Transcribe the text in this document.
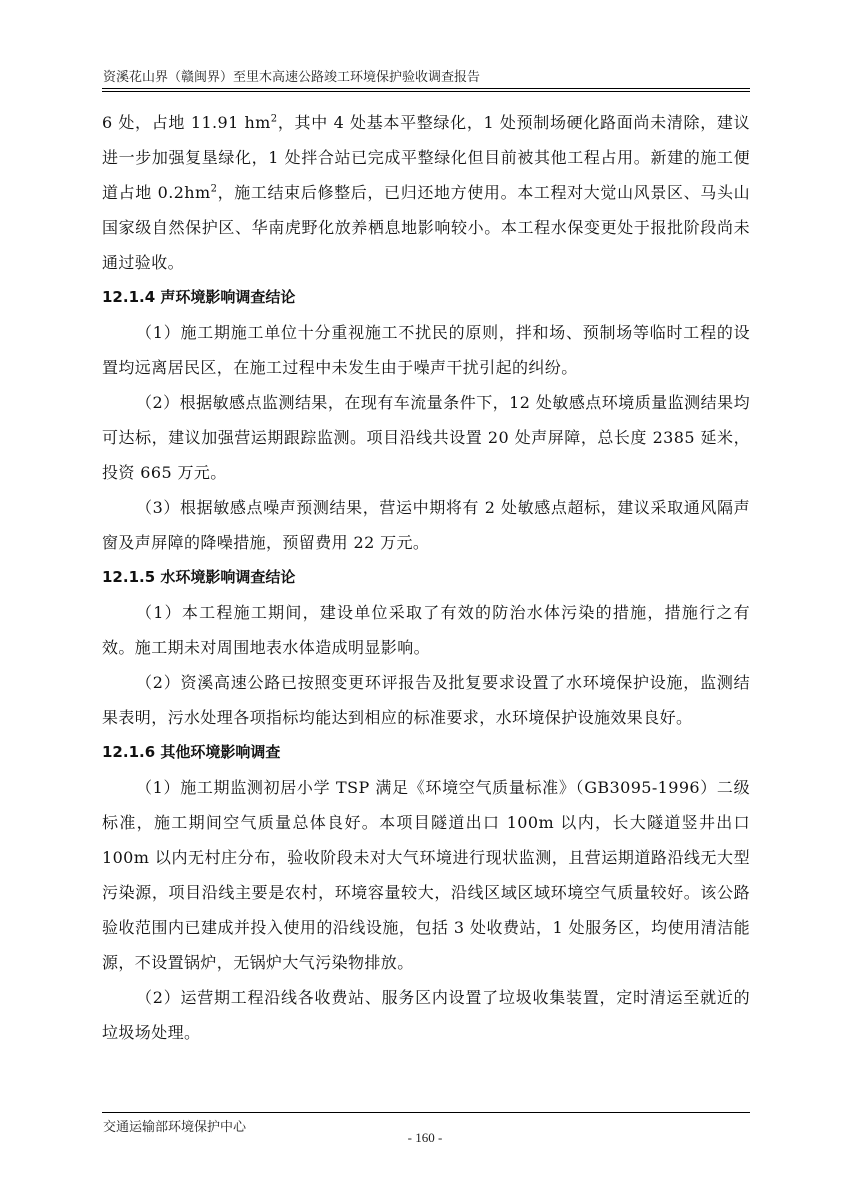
资溪花山界（赣闽界）至里木高速公路竣工环境保护验收调查报告

6 处，占地 11.91 $hm^2$，其中 4 处基本平整绿化，1 处预制场硬化路面尚未清除，建议进一步加强复垦绿化，1 处拌合站已完成平整绿化但目前被其他工程占用。新建的施工便道占地 $0.2hm^2$，施工结束后修整后，已归还地方使用。本工程对大觉山风景区、马头山国家级自然保护区、华南虎野化放养栖息地影响较小。本工程水保变更处于报批阶段尚未通过验收。

12.1.4 声环境影响调查结论

（1）施工期施工单位十分重视施工不扰民的原则，拌和场、预制场等临时工程的设置均远离居民区，在施工过程中未发生由于噪声干扰引起的纠纷。

（2）根据敏感点监测结果，在现有车流量条件下，12 处敏感点环境质量监测结果均可达标，建议加强营运期跟踪监测。项目沿线共设置 20 处声屏障，总长度 2385 延米，投资 665 万元。

（3）根据敏感点噪声预测结果，营运中期将有 2 处敏感点超标，建议采取通风隔声窗及声屏障的降噪措施，预留费用 22 万元。

12.1.5 水环境影响调查结论

（1）本工程施工期间，建设单位采取了有效的防治水体污染的措施，措施行之有效。施工期未对周围地表水体造成明显影响。

（2）资溪高速公路已按照变更环评报告及批复要求设置了水环境保护设施，监测结果表明，污水处理各项指标均能达到相应的标准要求，水环境保护设施效果良好。

12.1.6 其他环境影响调查

（1）施工期监测初居小学 TSP 满足《环境空气质量标准》（GB3095-1996）二级标准，施工期间空气质量总体良好。本项目隧道出口 100m 以内，长大隧道竖井出口 100m 以内无村庄分布，验收阶段未对大气环境进行现状监测，且营运期道路沿线无大型污染源，项目沿线主要是农村，环境容量较大，沿线区域区域环境空气质量较好。该公路验收范围内已建成并投入使用的沿线设施，包括 3 处收费站，1 处服务区，均使用清洁能源，不设置锅炉，无锅炉大气污染物排放。

（2）运营期工程沿线各收费站、服务区内设置了垃圾收集装置，定时清运至就近的垃圾场处理。

交通运输部环境保护中心
- 160 -
